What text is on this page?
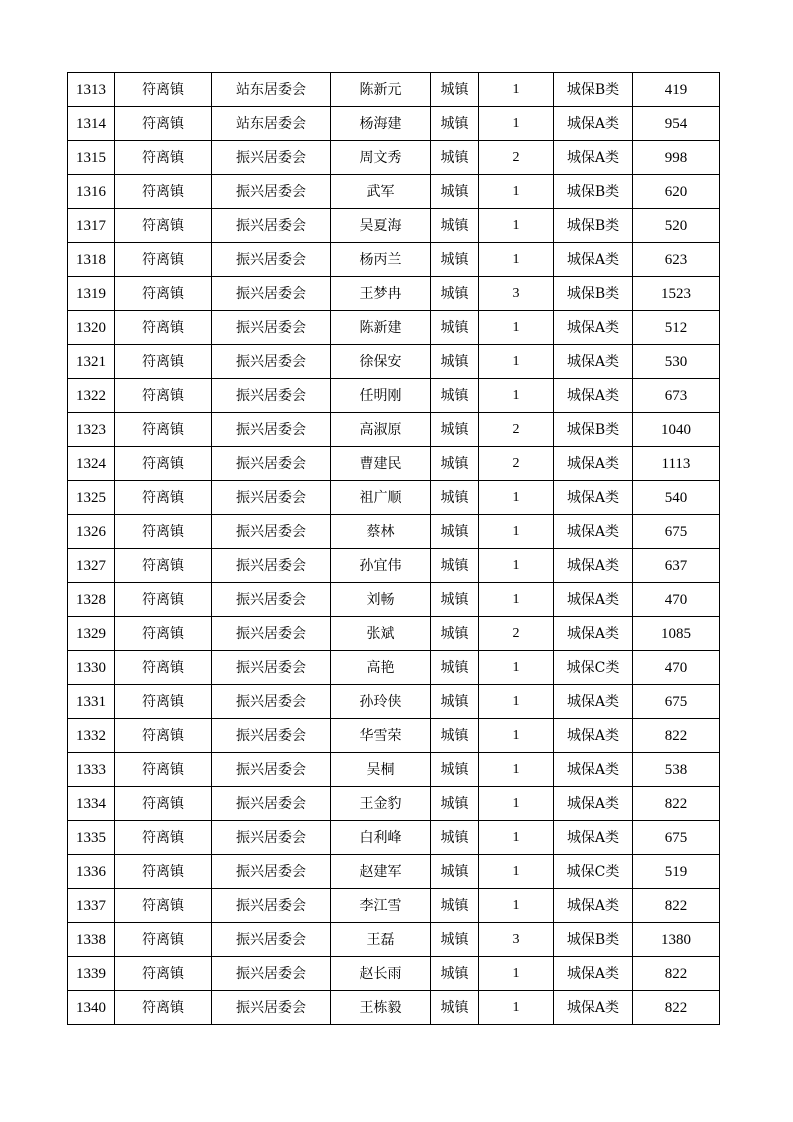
1313	符离镇	站东居委会	陈新元	城镇	1	城保B类	419
1314	符离镇	站东居委会	杨海建	城镇	1	城保A类	954
1315	符离镇	振兴居委会	周文秀	城镇	2	城保A类	998
1316	符离镇	振兴居委会	武军	城镇	1	城保B类	620
1317	符离镇	振兴居委会	吴夏海	城镇	1	城保B类	520
1318	符离镇	振兴居委会	杨丙兰	城镇	1	城保A类	623
1319	符离镇	振兴居委会	王梦冉	城镇	3	城保B类	1523
1320	符离镇	振兴居委会	陈新建	城镇	1	城保A类	512
1321	符离镇	振兴居委会	徐保安	城镇	1	城保A类	530
1322	符离镇	振兴居委会	任明刚	城镇	1	城保A类	673
1323	符离镇	振兴居委会	高淑原	城镇	2	城保B类	1040
1324	符离镇	振兴居委会	曹建民	城镇	2	城保A类	1113
1325	符离镇	振兴居委会	祖广顺	城镇	1	城保A类	540
1326	符离镇	振兴居委会	蔡林	城镇	1	城保A类	675
1327	符离镇	振兴居委会	孙宜伟	城镇	1	城保A类	637
1328	符离镇	振兴居委会	刘畅	城镇	1	城保A类	470
1329	符离镇	振兴居委会	张斌	城镇	2	城保A类	1085
1330	符离镇	振兴居委会	高艳	城镇	1	城保C类	470
1331	符离镇	振兴居委会	孙玲侠	城镇	1	城保A类	675
1332	符离镇	振兴居委会	华雪荣	城镇	1	城保A类	822
1333	符离镇	振兴居委会	吴桐	城镇	1	城保A类	538
1334	符离镇	振兴居委会	王金豹	城镇	1	城保A类	822
1335	符离镇	振兴居委会	白利峰	城镇	1	城保A类	675
1336	符离镇	振兴居委会	赵建军	城镇	1	城保C类	519
1337	符离镇	振兴居委会	李江雪	城镇	1	城保A类	822
1338	符离镇	振兴居委会	王磊	城镇	3	城保B类	1380
1339	符离镇	振兴居委会	赵长雨	城镇	1	城保A类	822
1340	符离镇	振兴居委会	王栋毅	城镇	1	城保A类	822
